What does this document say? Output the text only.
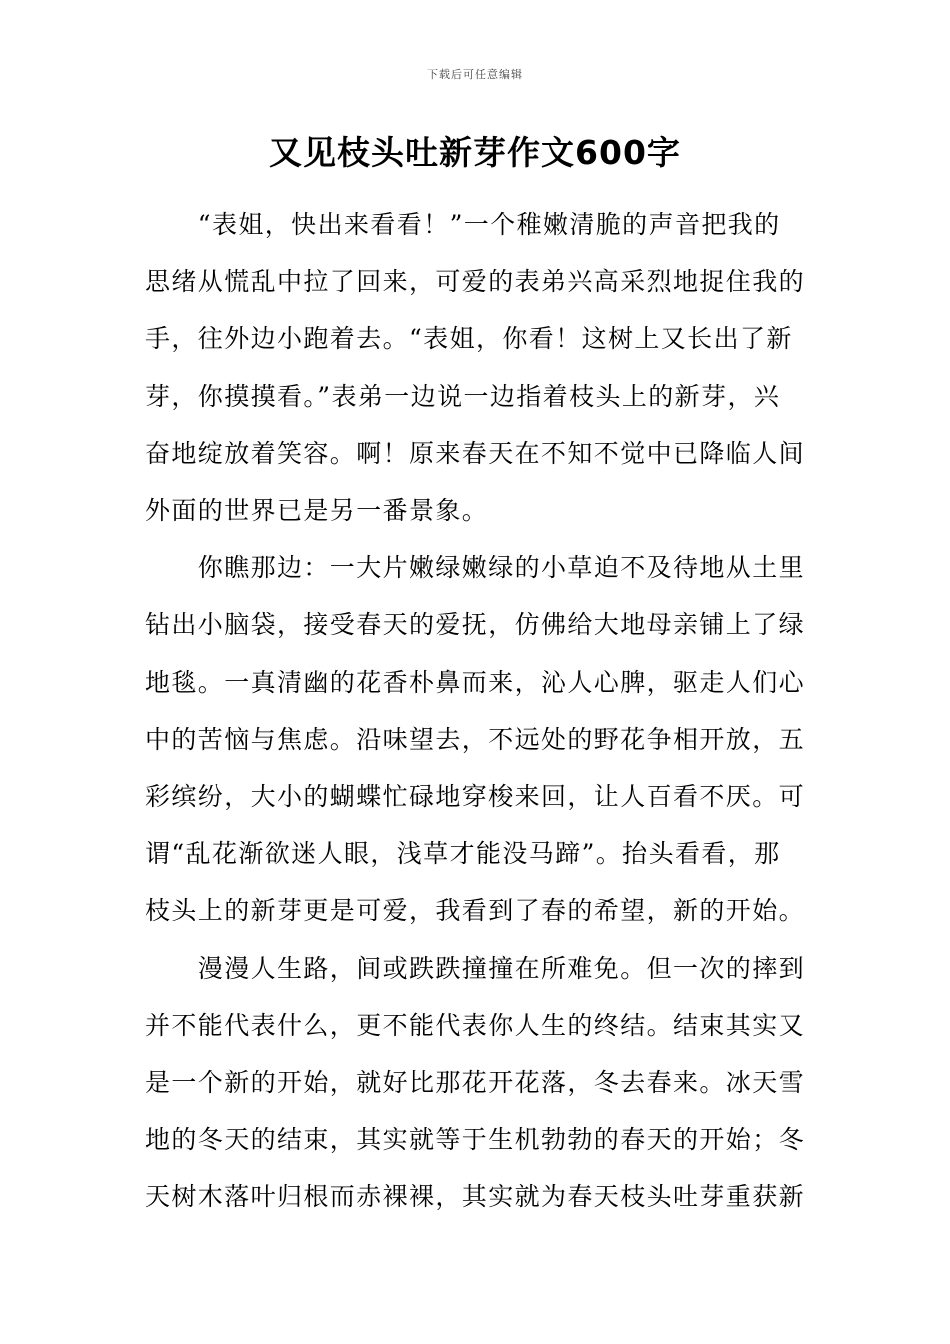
下载后可任意编辑
又见枝头吐新芽作文600字
　　“表姐，快出来看看！”一个稚嫩清脆的声音把我的
思绪从慌乱中拉了回来，可爱的表弟兴高采烈地捉住我的
手，往外边小跑着去。“表姐，你看！这树上又长出了新
芽，你摸摸看。”表弟一边说一边指着枝头上的新芽，兴
奋地绽放着笑容。啊！原来春天在不知不觉中已降临人间
外面的世界已是另一番景象。
　　你瞧那边：一大片嫩绿嫩绿的小草迫不及待地从土里
钻出小脑袋，接受春天的爱抚，仿佛给大地母亲铺上了绿
地毯。一真清幽的花香朴鼻而来，沁人心脾，驱走人们心
中的苦恼与焦虑。沿味望去，不远处的野花争相开放，五
彩缤纷，大小的蝴蝶忙碌地穿梭来回，让人百看不厌。可
谓“乱花渐欲迷人眼，浅草才能没马蹄”。抬头看看，那
枝头上的新芽更是可爱，我看到了春的希望，新的开始。
　　漫漫人生路，间或跌跌撞撞在所难免。但一次的摔到
并不能代表什么，更不能代表你人生的终结。结束其实又
是一个新的开始，就好比那花开花落，冬去春来。冰天雪
地的冬天的结束，其实就等于生机勃勃的春天的开始；冬
天树木落叶归根而赤裸裸，其实就为春天枝头吐芽重获新
